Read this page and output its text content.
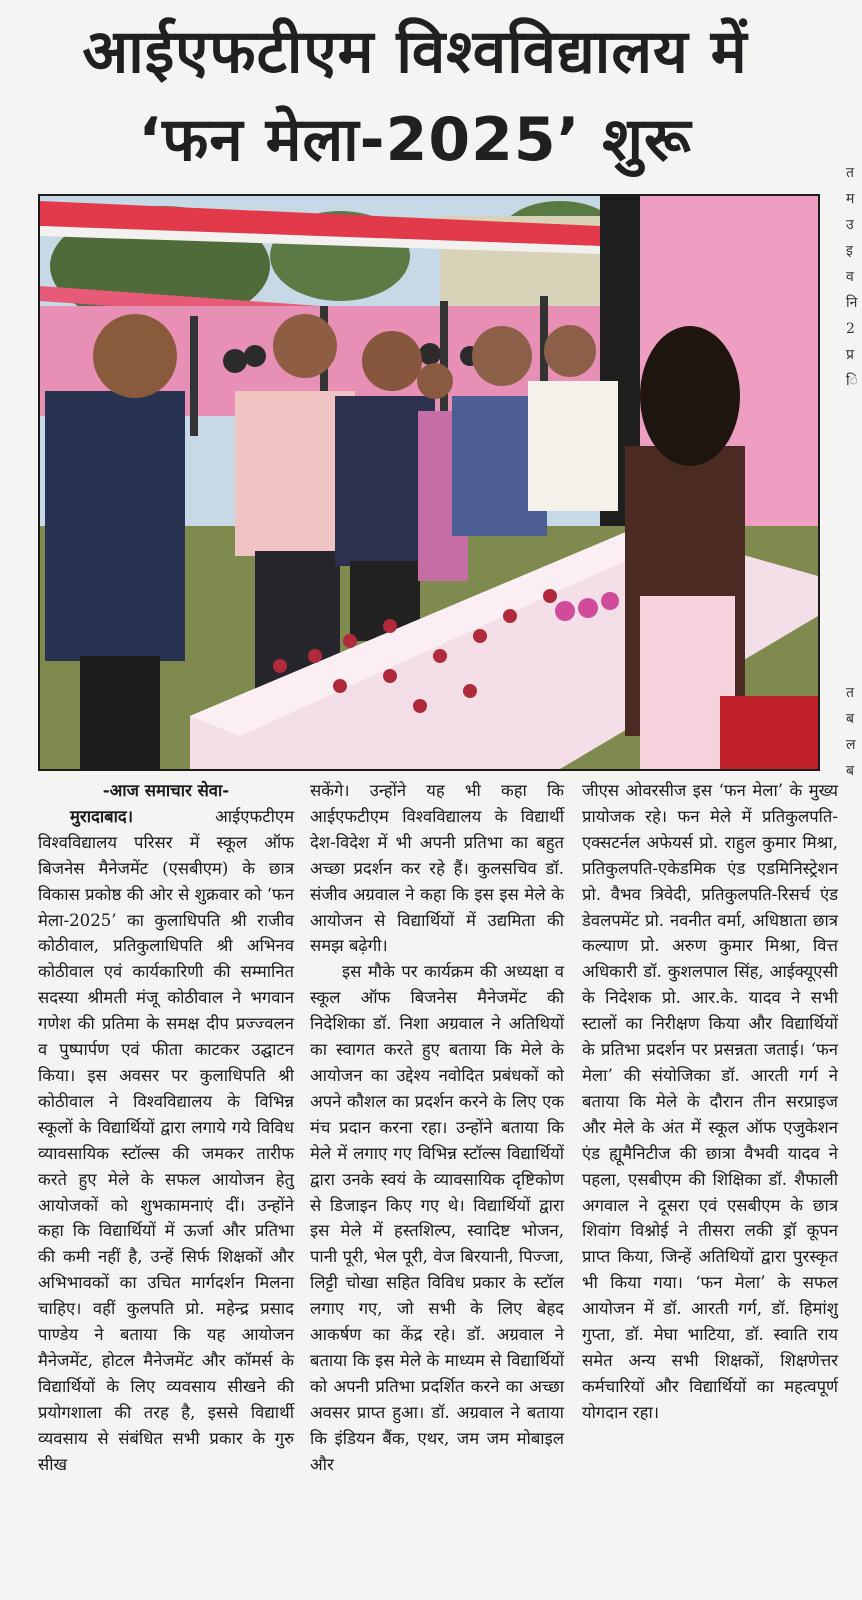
आईएफटीएम विश्वविद्यालय में
‘फन मेला-2025’ शुरू

-आज समाचार सेवा-

मुरादाबाद।	आईएफटीएम विश्वविद्यालय परिसर में स्कूल ऑफ बिजनेस मैनेजमेंट (एसबीएम) के छात्र विकास प्रकोष्ठ की ओर से शुक्रवार को ‘फन मेला-2025’ का कुलाधिपति श्री राजीव कोठीवाल, प्रतिकुलाधिपति श्री अभिनव कोठीवाल एवं कार्यकारिणी की सम्मानित सदस्या श्रीमती मंजू कोठीवाल ने भगवान गणेश की प्रतिमा के समक्ष दीप प्रज्ज्वलन व पुष्पार्पण एवं फीता काटकर उद्घाटन किया। इस अवसर पर कुलाधिपति श्री कोठीवाल ने विश्वविद्यालय के विभिन्न स्कूलों के विद्यार्थियों द्वारा लगाये गये विविध व्यावसायिक स्टॉल्स की जमकर तारीफ करते हुए मेले के सफल आयोजन हेतु आयोजकों को शुभकामनाएं दीं। उन्होंने कहा कि विद्यार्थियों में ऊर्जा और प्रतिभा की कमी नहीं है, उन्हें सिर्फ शिक्षकों और अभिभावकों का उचित मार्गदर्शन मिलना चाहिए। वहीं कुलपति प्रो. महेन्द्र प्रसाद पाण्डेय ने बताया कि यह आयोजन मैनेजमेंट, होटल मैनेजमेंट और कॉमर्स के विद्यार्थियों के लिए व्यवसाय सीखने की प्रयोगशाला की तरह है, इससे विद्यार्थी व्यवसाय से संबंधित सभी प्रकार के गुरु सीख

सकेंगे। उन्होंने यह भी कहा कि आईएफटीएम विश्वविद्यालय के विद्यार्थी देश-विदेश में भी अपनी प्रतिभा का बहुत अच्छा प्रदर्शन कर रहे हैं। कुलसचिव डॉ. संजीव अग्रवाल ने कहा कि इस इस मेले के आयोजन से विद्यार्थियों में उद्यमिता की समझ बढ़ेगी।

इस मौके पर कार्यक्रम की अध्यक्षा व स्कूल ऑफ बिजनेस मैनेजमेंट की निदेशिका डॉ. निशा अग्रवाल ने अतिथियों का स्वागत करते हुए बताया कि मेले के आयोजन का उद्देश्य नवोदित प्रबंधकों को अपने कौशल का प्रदर्शन करने के लिए एक मंच प्रदान करना रहा। उन्होंने बताया कि मेले में लगाए गए विभिन्न स्टॉल्स विद्यार्थियों द्वारा उनके स्वयं के व्यावसायिक दृष्टिकोण से डिजाइन किए गए थे। विद्यार्थियों द्वारा इस मेले में हस्तशिल्प, स्वादिष्ट भोजन, पानी पूरी, भेल पूरी, वेज बिरयानी, पिज्जा, लिट्टी चोखा सहित विविध प्रकार के स्टॉल लगाए गए, जो सभी के लिए बेहद आकर्षण का केंद्र रहे। डॉ. अग्रवाल ने बताया कि इस मेले के माध्यम से विद्यार्थियों को अपनी प्रतिभा प्रदर्शित करने का अच्छा अवसर प्राप्त हुआ। डॉ. अग्रवाल ने बताया कि इंडियन बैंक, एथर, जम जम मोबाइल और

जीएस ओवरसीज इस ‘फन मेला’ के मुख्य प्रायोजक रहे। फन मेले में प्रतिकुलपति-एक्सटर्नल अफेयर्स प्रो. राहुल कुमार मिश्रा, प्रतिकुलपति-एकेडमिक एंड एडमिनिस्ट्रेशन प्रो. वैभव त्रिवेदी, प्रतिकुलपति-रिसर्च एंड डेवलपमेंट प्रो. नवनीत वर्मा, अधिष्ठाता छात्र कल्याण प्रो. अरुण कुमार मिश्रा, वित्त अधिकारी डॉ. कुशलपाल सिंह, आईक्यूएसी के निदेशक प्रो. आर.के. यादव ने सभी स्टालों का निरीक्षण किया और विद्यार्थियों के प्रतिभा प्रदर्शन पर प्रसन्नता जताई। ‘फन मेला’ की संयोजिका डॉ. आरती गर्ग ने बताया कि मेले के दौरान तीन सरप्राइज और मेले के अंत में स्कूल ऑफ एजुकेशन एंड ह्यूमैनिटीज की छात्रा वैभवी यादव ने पहला, एसबीएम की शिक्षिका डॉ. शैफाली अगवाल ने दूसरा एवं एसबीएम के छात्र शिवांग विश्नोई ने तीसरा लकी ड्रॉ कूपन प्राप्त किया, जिन्हें अतिथियों द्वारा पुरस्कृत भी किया गया। ‘फन मेला’ के सफल आयोजन में डॉ. आरती गर्ग, डॉ. हिमांशु गुप्ता, डॉ. मेघा भाटिया, डॉ. स्वाति राय समेत अन्य सभी शिक्षकों, शिक्षणेत्तर कर्मचारियों और विद्यार्थियों का महत्वपूर्ण योगदान रहा।

त
म
उ
इ
व
नि
2
प्र
ि
त
ब
ल
ब
